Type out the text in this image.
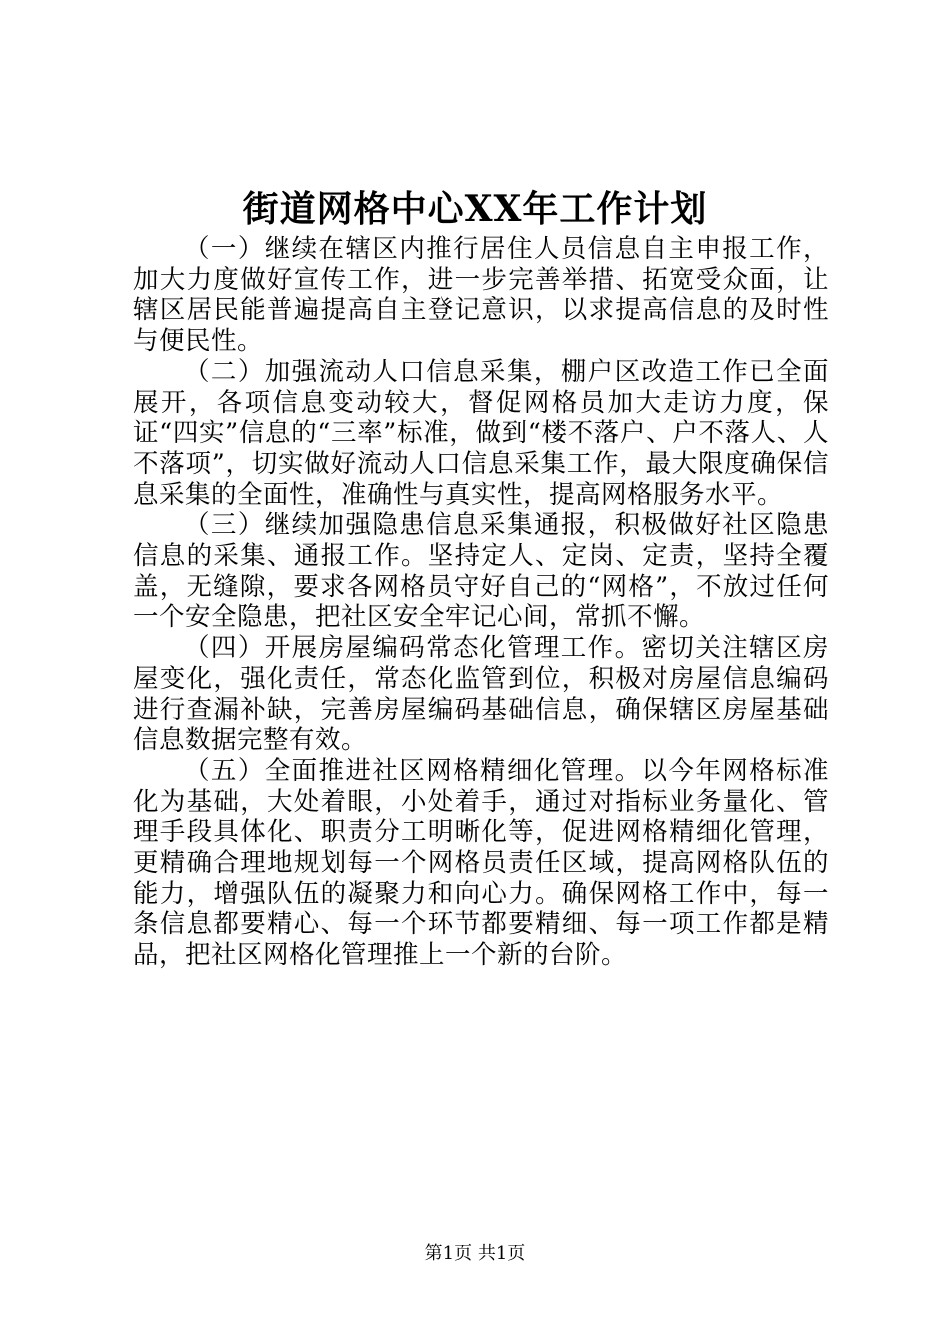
街道网格中心XX年工作计划

（一）继续在辖区内推行居住人员信息自主申报工作，加大力度做好宣传工作，进一步完善举措、拓宽受众面，让辖区居民能普遍提高自主登记意识，以求提高信息的及时性与便民性。

（二）加强流动人口信息采集，棚户区改造工作已全面展开，各项信息变动较大，督促网格员加大走访力度，保证“四实”信息的“三率”标准，做到“楼不落户、户不落人、人不落项”，切实做好流动人口信息采集工作，最大限度确保信息采集的全面性，准确性与真实性，提高网格服务水平。

（三）继续加强隐患信息采集通报，积极做好社区隐患信息的采集、通报工作。坚持定人、定岗、定责，坚持全覆盖，无缝隙，要求各网格员守好自己的“网格”，不放过任何一个安全隐患，把社区安全牢记心间，常抓不懈。

（四）开展房屋编码常态化管理工作。密切关注辖区房屋变化，强化责任，常态化监管到位，积极对房屋信息编码进行查漏补缺，完善房屋编码基础信息，确保辖区房屋基础信息数据完整有效。

（五）全面推进社区网格精细化管理。以今年网格标准化为基础，大处着眼，小处着手，通过对指标业务量化、管理手段具体化、职责分工明晰化等，促进网格精细化管理，更精确合理地规划每一个网格员责任区域，提高网格队伍的能力，增强队伍的凝聚力和向心力。确保网格工作中，每一条信息都要精心、每一个环节都要精细、每一项工作都是精品，把社区网格化管理推上一个新的台阶。

第1页 共1页
